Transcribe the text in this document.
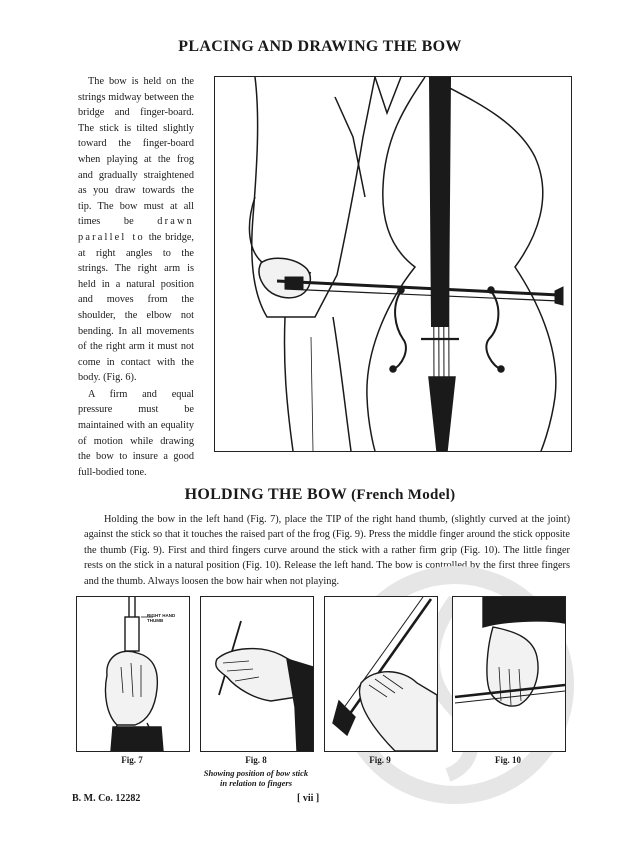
PLACING AND DRAWING THE BOW

The bow is held on the strings midway between the bridge and finger-board. The stick is tilted slightly toward the finger-board when playing at the frog and gradually straightened as you draw towards the tip. The bow must at all times be drawn parallel to the bridge, at right angles to the strings. The right arm is held in a natural position and moves from the shoulder, the elbow not bending. In all movements of the right arm it must not come in contact with the body. (Fig. 6).

A firm and equal pressure must be maintained with an equality of motion while drawing the bow to insure a good full-bodied tone.

HOLDING THE BOW (French Model)

Holding the bow in the left hand (Fig. 7), place the TIP of the right hand thumb, (slightly curved at the joint) against the stick so that it touches the raised part of the frog (Fig. 9). Press the middle finger around the stick opposite the thumb (Fig. 9). First and third fingers curve around the stick with a rather firm grip (Fig. 10). The little finger rests on the stick in a natural position (Fig. 10). Release the left hand. The bow is controlled by the first three fingers and the thumb. Always loosen the bow hair when not playing.

RIGHT HAND THUMB
Fig. 7	Fig. 8
Showing position of bow stick in relation to fingers
Fig. 9	Fig. 10
B. M. Co. 12282	[ vii ]
